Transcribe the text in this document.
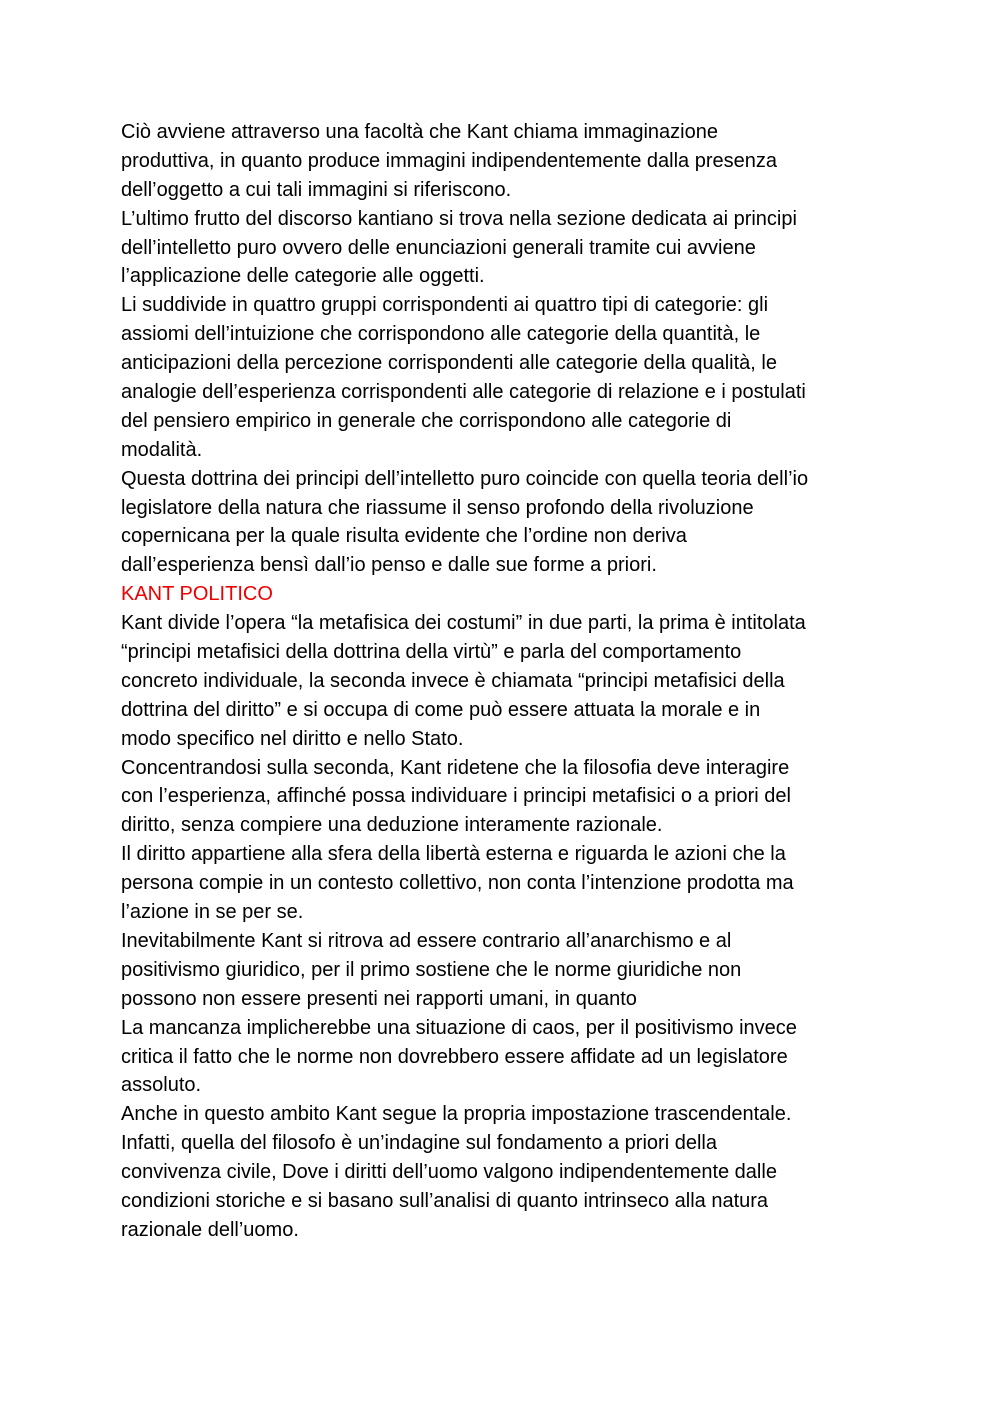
Ciò avviene attraverso una facoltà che Kant chiama immaginazione
produttiva, in quanto produce immagini indipendentemente dalla presenza
dell’oggetto a cui tali immagini si riferiscono.
L’ultimo frutto del discorso kantiano si trova nella sezione dedicata ai principi
dell’intelletto puro ovvero delle enunciazioni generali tramite cui avviene
l’applicazione delle categorie alle oggetti.
Li suddivide in quattro gruppi corrispondenti ai quattro tipi di categorie: gli
assiomi dell’intuizione che corrispondono alle categorie della quantità, le
anticipazioni della percezione corrispondenti alle categorie della qualità, le
analogie dell’esperienza corrispondenti alle categorie di relazione e i postulati
del pensiero empirico in generale che corrispondono alle categorie di
modalità.
Questa dottrina dei principi dell’intelletto puro coincide con quella teoria dell’io
legislatore della natura che riassume il senso profondo della rivoluzione
copernicana per la quale risulta evidente che l’ordine non deriva
dall’esperienza bensì dall’io penso e dalle sue forme a priori.
KANT POLITICO
Kant divide l’opera “la metafisica dei costumi” in due parti, la prima è intitolata
“principi metafisici della dottrina della virtù” e parla del comportamento
concreto individuale, la seconda invece è chiamata “principi metafisici della
dottrina del diritto” e si occupa di come può essere attuata la morale e in
modo specifico nel diritto e nello Stato.
Concentrandosi sulla seconda, Kant ridetene che la filosofia deve interagire
con l’esperienza, affinché possa individuare i principi metafisici o a priori del
diritto, senza compiere una deduzione interamente razionale.
Il diritto appartiene alla sfera della libertà esterna e riguarda le azioni che la
persona compie in un contesto collettivo, non conta l’intenzione prodotta ma
l’azione in se per se.
Inevitabilmente Kant si ritrova ad essere contrario all’anarchismo e al
positivismo giuridico, per il primo sostiene che le norme giuridiche non
possono non essere presenti nei rapporti umani, in quanto
La mancanza implicherebbe una situazione di caos, per il positivismo invece
critica il fatto che le norme non dovrebbero essere affidate ad un legislatore
assoluto.
Anche in questo ambito Kant segue la propria impostazione trascendentale.
Infatti, quella del filosofo è un’indagine sul fondamento a priori della
convivenza civile, Dove i diritti dell’uomo valgono indipendentemente dalle
condizioni storiche e si basano sull’analisi di quanto intrinseco alla natura
razionale dell’uomo.
